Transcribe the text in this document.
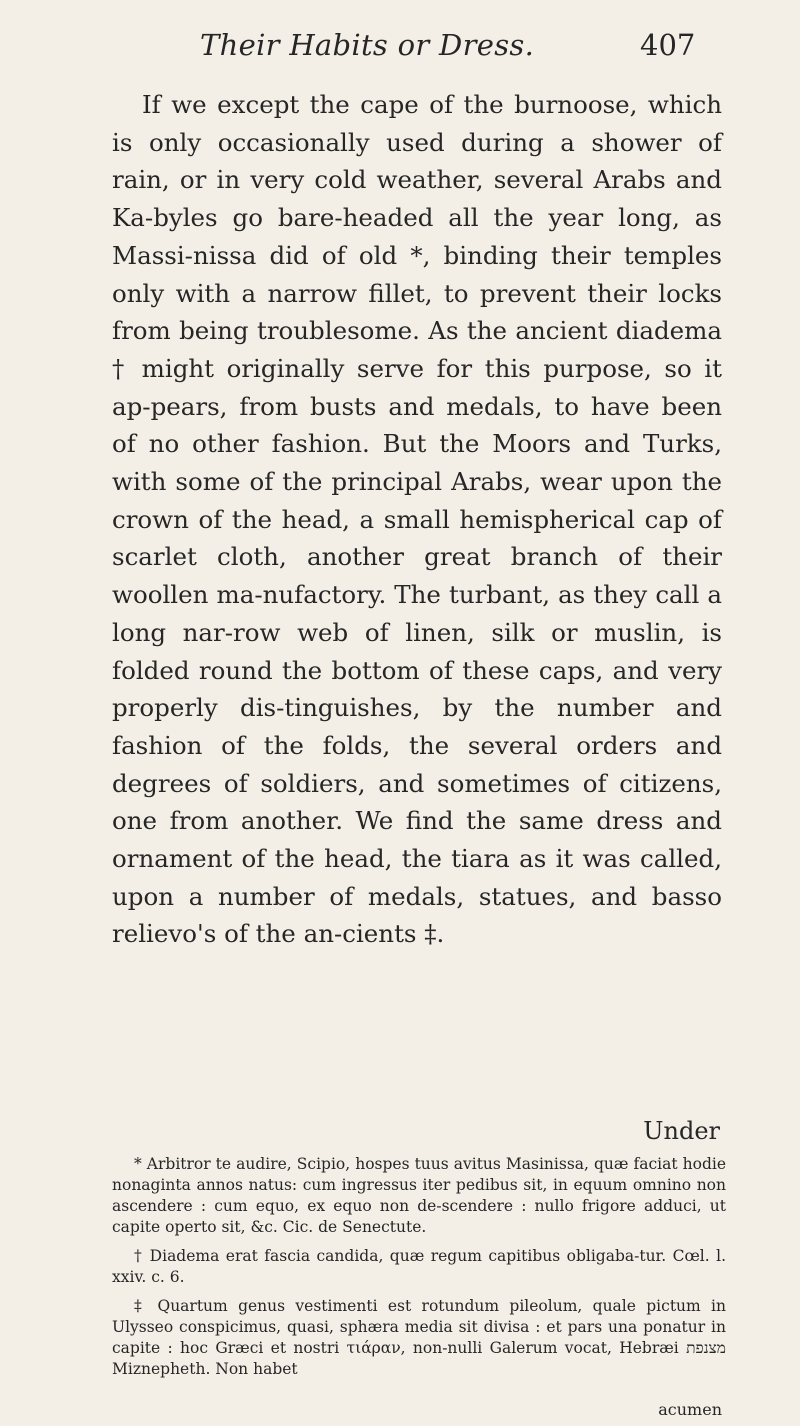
Their Habits or Dress.	407

If we except the cape of the burnoose, which is only occasionally used during a shower of rain, or in very cold weather, several Arabs and Ka-byles go bare-headed all the year long, as Massi-nissa did of old *, binding their temples only with a narrow fillet, to prevent their locks from being troublesome. As the ancient diadema † might originally serve for this purpose, so it ap-pears, from busts and medals, to have been of no other fashion. But the Moors and Turks, with some of the principal Arabs, wear upon the crown of the head, a small hemispherical cap of scarlet cloth, another great branch of their woollen ma-nufactory. The turbant, as they call a long nar-row web of linen, silk or muslin, is folded round the bottom of these caps, and very properly dis-tinguishes, by the number and fashion of the folds, the several orders and degrees of soldiers, and sometimes of citizens, one from another. We find the same dress and ornament of the head, the tiara as it was called, upon a number of medals, statues, and basso relievo's of the an-cients ‡.

Under

* Arbitror te audire, Scipio, hospes tuus avitus Masinissa, quæ faciat hodie nonaginta annos natus: cum ingressus iter pedibus sit, in equum omnino non ascendere : cum equo, ex equo non de-scendere : nullo frigore adduci, ut capite operto sit, &c. Cic. de Senectute.

† Diadema erat fascia candida, quæ regum capitibus obligaba-tur. Cœl. l. xxiv. c. 6.

‡ Quartum genus vestimenti est rotundum pileolum, quale pictum in Ulysseo conspicimus, quasi, sphæra media sit divisa : et pars una ponatur in capite : hoc Græci et nostri τιάραν, non-nulli Galerum vocat, Hebræi מצנפת Miznepheth. Non habet

acumen
